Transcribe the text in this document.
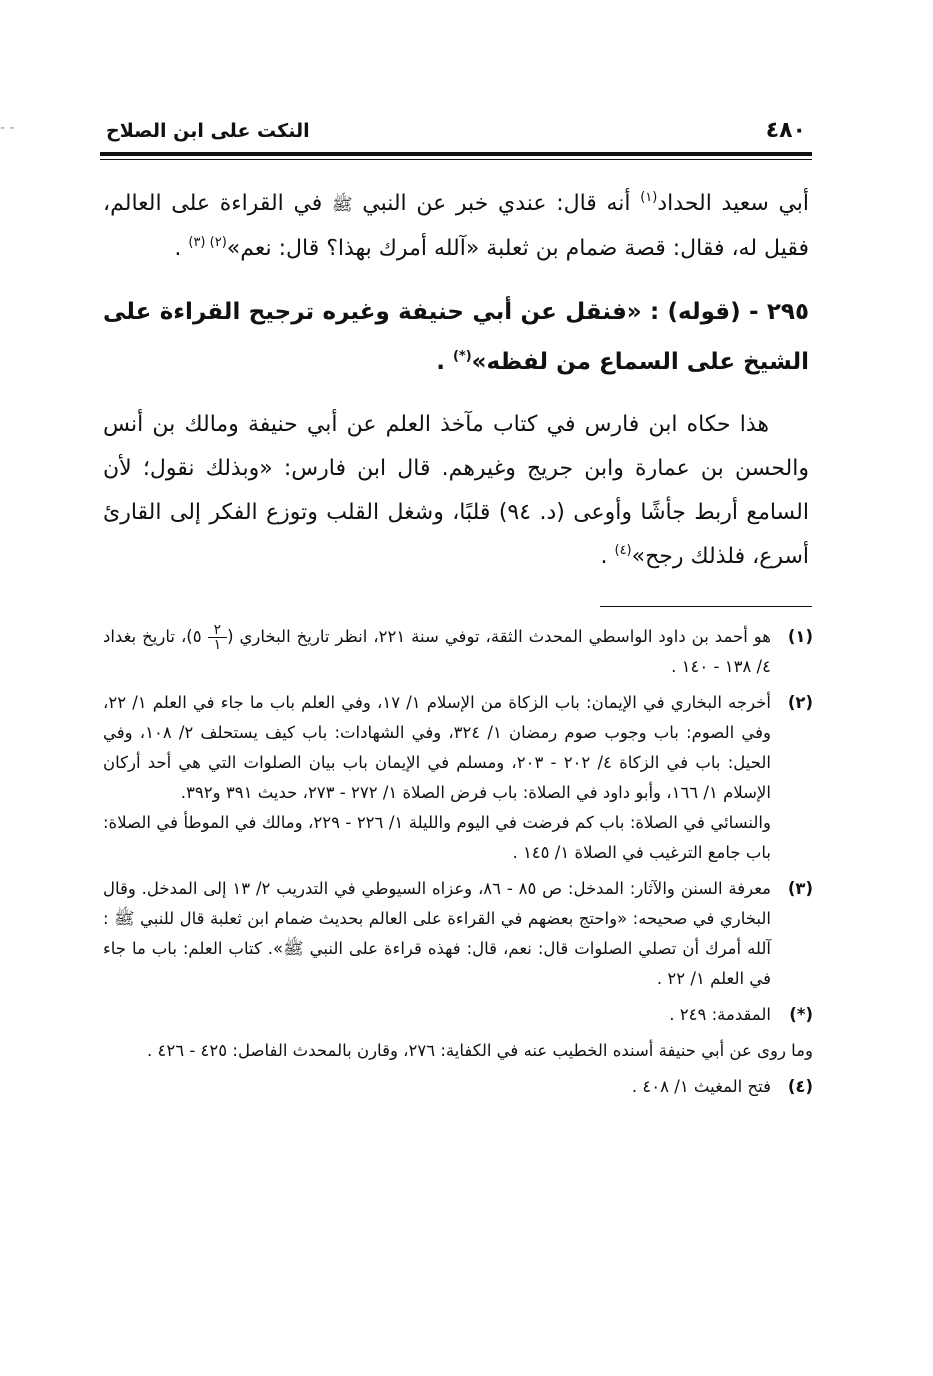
- -	٤٨٠
النكت على ابن الصلاح

أبي سعيد الحداد$^{(١)}$ أنه قال: عندي خبر عن النبي ﷺ في القراءة على العالم، فقيل له، فقال: قصة ضمام بن ثعلبة «آلله أمرك بهذا؟ قال: نعم»$^{(٢) (٣)}$ .

٢٩٥ - (قوله) : «فنقل عن أبي حنيفة وغيره ترجيح القراءة على الشيخ على السماع من لفظه»(*) .

هذا حكاه ابن فارس في كتاب مآخذ العلم عن أبي حنيفة ومالك بن أنس والحسن بن عمارة وابن جريج وغيرهم. قال ابن فارس: «وبذلك نقول؛ لأن السامع أربط جأشًا وأوعى (د. ٩٤) قلبًا، وشغل القلب وتوزع الفكر إلى القارئ أسرع، فلذلك رجح»$^{(٤)}$ .

(١)
هو أحمد بن داود الواسطي المحدث الثقة، توفي سنة ٢٢١، انظر تاريخ البخاري (
$\frac{٢}{١}$
٥)، تاريخ بغداد ٤/ ١٣٨ - ١٤٠ .
(٢)
أخرجه البخاري في الإيمان: باب الزكاة من الإسلام ١/ ١٧، وفي العلم باب ما جاء في العلم ١/ ٢٢، وفي الصوم: باب وجوب صوم رمضان ١/ ٣٢٤، وفي الشهادات: باب كيف يستحلف ٢/ ١٠٨، وفي الحيل: باب في الزكاة ٤/ ٢٠٢ - ٢٠٣، ومسلم في الإيمان باب بيان الصلوات التي هي أحد أركان الإسلام ١/ ١٦٦، وأبو داود في الصلاة: باب فرض الصلاة ١/ ٢٧٢ - ٢٧٣، حديث ٣٩١ و٣٩٢.

والنسائي في الصلاة: باب كم فرضت في اليوم والليلة ١/ ٢٢٦ - ٢٢٩، ومالك في الموطأ في الصلاة: باب جامع الترغيب في الصلاة ١/ ١٤٥ .

(٣)
معرفة السنن والآثار: المدخل: ص ٨٥ - ٨٦، وعزاه السيوطي في التدريب ٢/ ١٣ إلى المدخل. وقال البخاري في صحيحه: «واحتج بعضهم في القراءة على العالم بحديث ضمام ابن ثعلبة قال للنبي ﷺ : آلله أمرك أن تصلي الصلوات قال: نعم، قال: فهذه قراءة على النبي ﷺ». كتاب العلم: باب ما جاء في العلم ١/ ٢٢ .
(*)
المقدمة: ٢٤٩ .

وما روى عن أبي حنيفة أسنده الخطيب عنه في الكفاية: ٢٧٦، وقارن بالمحدث الفاصل: ٤٢٥ - ٤٢٦ .

(٤)
فتح المغيث ١/ ٤٠٨ .
